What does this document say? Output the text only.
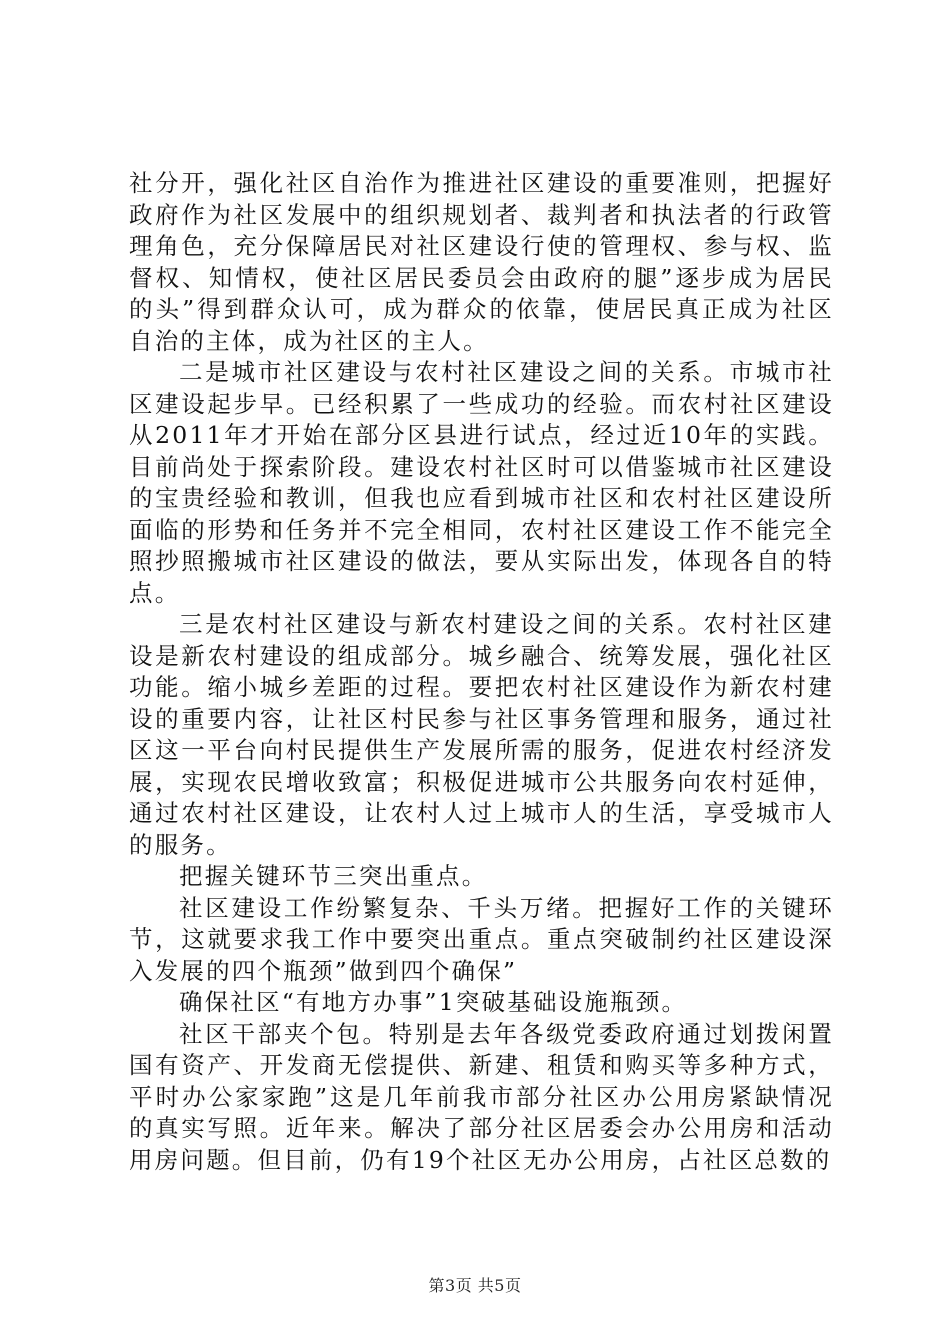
社分开，强化社区自治作为推进社区建设的重要准则，把握好政府作为社区发展中的组织规划者、裁判者和执法者的行政管理角色，充分保障居民对社区建设行使的管理权、参与权、监督权、知情权，使社区居民委员会由政府的腿”逐步成为居民的头”得到群众认可，成为群众的依靠，使居民真正成为社区自治的主体，成为社区的主人。

二是城市社区建设与农村社区建设之间的关系。市城市社区建设起步早。已经积累了一些成功的经验。而农村社区建设从2011年才开始在部分区县进行试点，经过近10年的实践。目前尚处于探索阶段。建设农村社区时可以借鉴城市社区建设的宝贵经验和教训，但我也应看到城市社区和农村社区建设所面临的形势和任务并不完全相同，农村社区建设工作不能完全照抄照搬城市社区建设的做法，要从实际出发，体现各自的特点。

三是农村社区建设与新农村建设之间的关系。农村社区建设是新农村建设的组成部分。城乡融合、统筹发展，强化社区功能。缩小城乡差距的过程。要把农村社区建设作为新农村建设的重要内容，让社区村民参与社区事务管理和服务，通过社区这一平台向村民提供生产发展所需的服务，促进农村经济发展，实现农民增收致富；积极促进城市公共服务向农村延伸，通过农村社区建设，让农村人过上城市人的生活，享受城市人的服务。

把握关键环节三突出重点。

社区建设工作纷繁复杂、千头万绪。把握好工作的关键环节，这就要求我工作中要突出重点。重点突破制约社区建设深入发展的四个瓶颈”做到四个确保”

确保社区“有地方办事”1突破基础设施瓶颈。

社区干部夹个包。特别是去年各级党委政府通过划拨闲置国有资产、开发商无偿提供、新建、租赁和购买等多种方式，平时办公家家跑”这是几年前我市部分社区办公用房紧缺情况的真实写照。近年来。解决了部分社区居委会办公用房和活动用房问题。但目前，仍有19个社区无办公用房，占社区总数的

第3页 共5页
